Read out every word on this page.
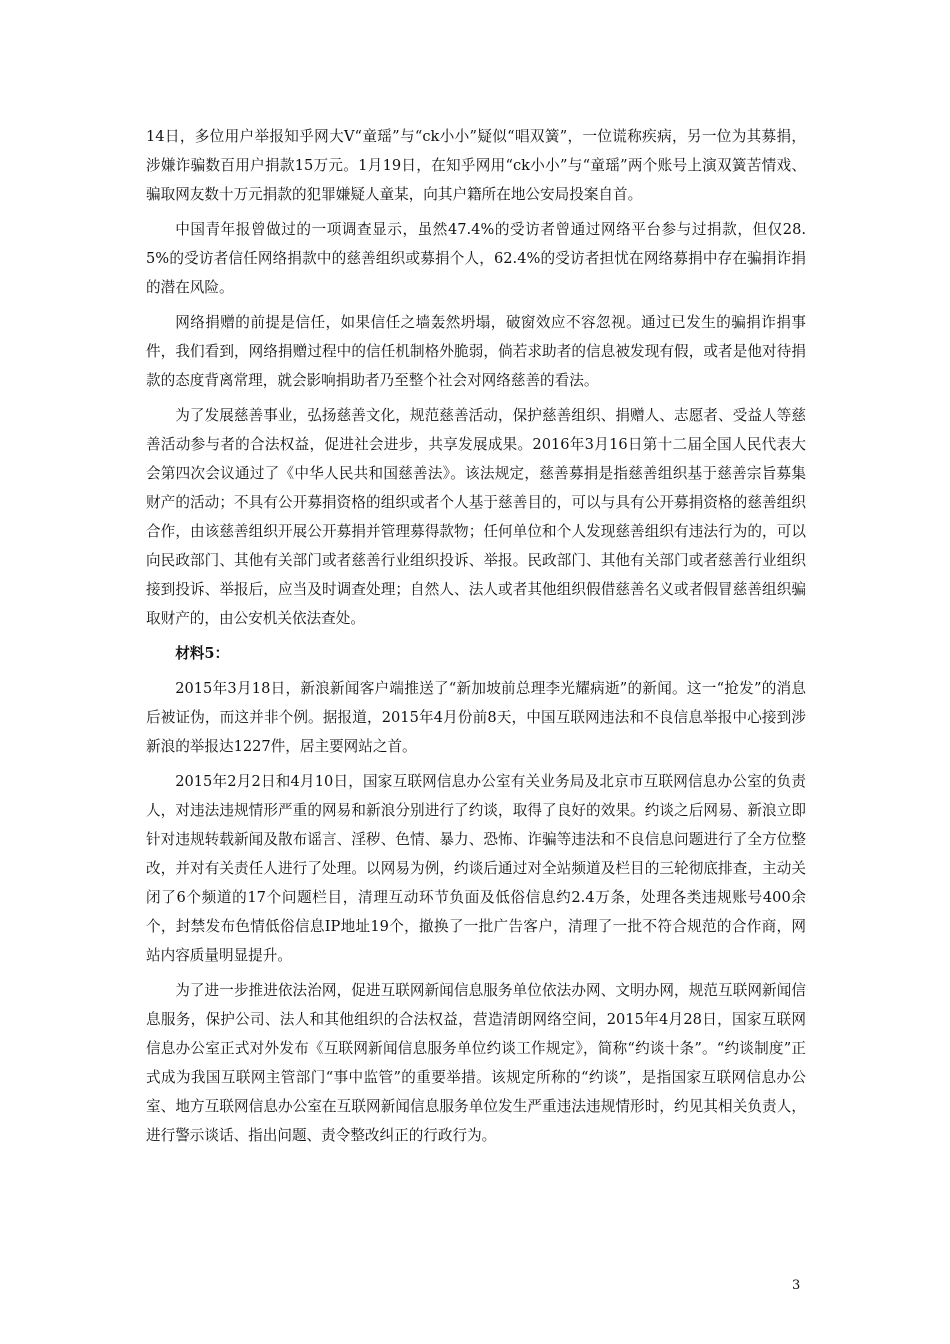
14日，多位用户举报知乎网大V“童瑶”与“ck小小”疑似“唱双簧”，一位谎称疾病，另一位为其募捐，涉嫌诈骗数百用户捐款15万元。1月19日，在知乎网用“ck小小”与“童瑶”两个账号上演双簧苦情戏、骗取网友数十万元捐款的犯罪嫌疑人童某，向其户籍所在地公安局投案自首。

中国青年报曾做过的一项调查显示，虽然47.4%的受访者曾通过网络平台参与过捐款，但仅28.5%的受访者信任网络捐款中的慈善组织或募捐个人，62.4%的受访者担忧在网络募捐中存在骗捐诈捐的潜在风险。

网络捐赠的前提是信任，如果信任之墙轰然坍塌，破窗效应不容忽视。通过已发生的骗捐诈捐事件，我们看到，网络捐赠过程中的信任机制格外脆弱，倘若求助者的信息被发现有假，或者是他对待捐款的态度背离常理，就会影响捐助者乃至整个社会对网络慈善的看法。

为了发展慈善事业，弘扬慈善文化，规范慈善活动，保护慈善组织、捐赠人、志愿者、受益人等慈善活动参与者的合法权益，促进社会进步，共享发展成果。2016年3月16日第十二届全国人民代表大会第四次会议通过了《中华人民共和国慈善法》。该法规定，慈善募捐是指慈善组织基于慈善宗旨募集财产的活动；不具有公开募捐资格的组织或者个人基于慈善目的，可以与具有公开募捐资格的慈善组织合作，由该慈善组织开展公开募捐并管理募得款物；任何单位和个人发现慈善组织有违法行为的，可以向民政部门、其他有关部门或者慈善行业组织投诉、举报。民政部门、其他有关部门或者慈善行业组织接到投诉、举报后，应当及时调查处理；自然人、法人或者其他组织假借慈善名义或者假冒慈善组织骗取财产的，由公安机关依法查处。

材料5：

2015年3月18日，新浪新闻客户端推送了“新加坡前总理李光耀病逝”的新闻。这一“抢发”的消息后被证伪，而这并非个例。据报道，2015年4月份前8天，中国互联网违法和不良信息举报中心接到涉新浪的举报达1227件，居主要网站之首。

2015年2月2日和4月10日，国家互联网信息办公室有关业务局及北京市互联网信息办公室的负责人，对违法违规情形严重的网易和新浪分别进行了约谈，取得了良好的效果。约谈之后网易、新浪立即针对违规转载新闻及散布谣言、淫秽、色情、暴力、恐怖、诈骗等违法和不良信息问题进行了全方位整改，并对有关责任人进行了处理。以网易为例，约谈后通过对全站频道及栏目的三轮彻底排查，主动关闭了6个频道的17个问题栏目，清理互动环节负面及低俗信息约2.4万条，处理各类违规账号400余个，封禁发布色情低俗信息IP地址19个，撤换了一批广告客户，清理了一批不符合规范的合作商，网站内容质量明显提升。

为了进一步推进依法治网，促进互联网新闻信息服务单位依法办网、文明办网，规范互联网新闻信息服务，保护公司、法人和其他组织的合法权益，营造清朗网络空间，2015年4月28日，国家互联网信息办公室正式对外发布《互联网新闻信息服务单位约谈工作规定》，简称“约谈十条”。“约谈制度”正式成为我国互联网主管部门“事中监管”的重要举措。该规定所称的“约谈”，是指国家互联网信息办公室、地方互联网信息办公室在互联网新闻信息服务单位发生严重违法违规情形时，约见其相关负责人，进行警示谈话、指出问题、责令整改纠正的行政行为。

3
